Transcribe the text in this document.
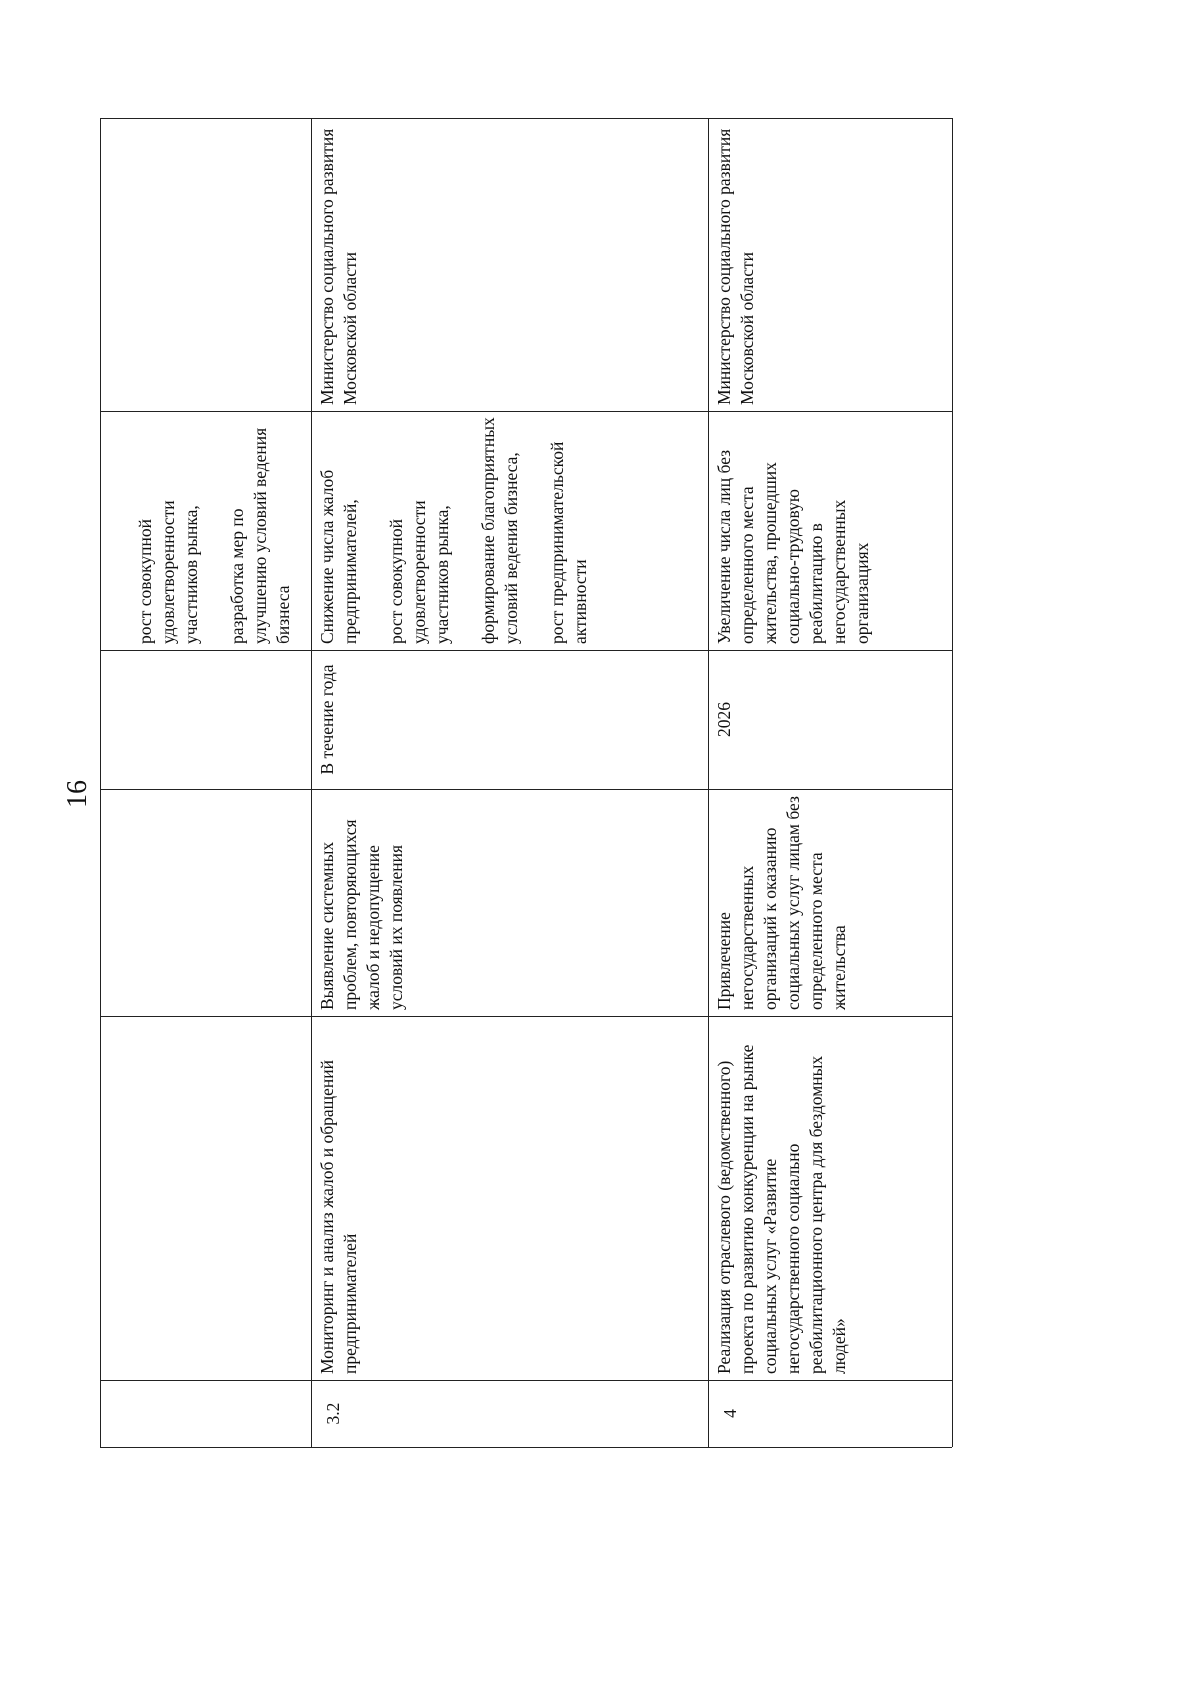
16

рост совокупной удовлетворенности участников рынка, разработка мер по улучшению условий ведения бизнеса

3.2
Мониторинг и анализ жалоб и обращений предпринимателей
Выявление системных проблем, повторяющихся жалоб и недопущение условий их появления
В течение года

Снижение числа жалоб предпринимателей, рост совокупной удовлетворенности участников рынка, формирование благоприятных условий ведения бизнеса, рост предпринимательской активности

Министерство социального развития Московской области
4
Реализация отраслевого (ведомственного) проекта по развитию конкуренции на рынке социальных услуг «Развитие негосударственного социально реабилитационного центра для бездомных людей»
Привлечение негосударственных организаций к оказанию социальных услуг лицам без определенного места жительства
2026

Увеличение числа лиц без определенного места жительства, прошедших социально-трудовую реабилитацию в негосударственных организациях

Министерство социального развития Московской области
